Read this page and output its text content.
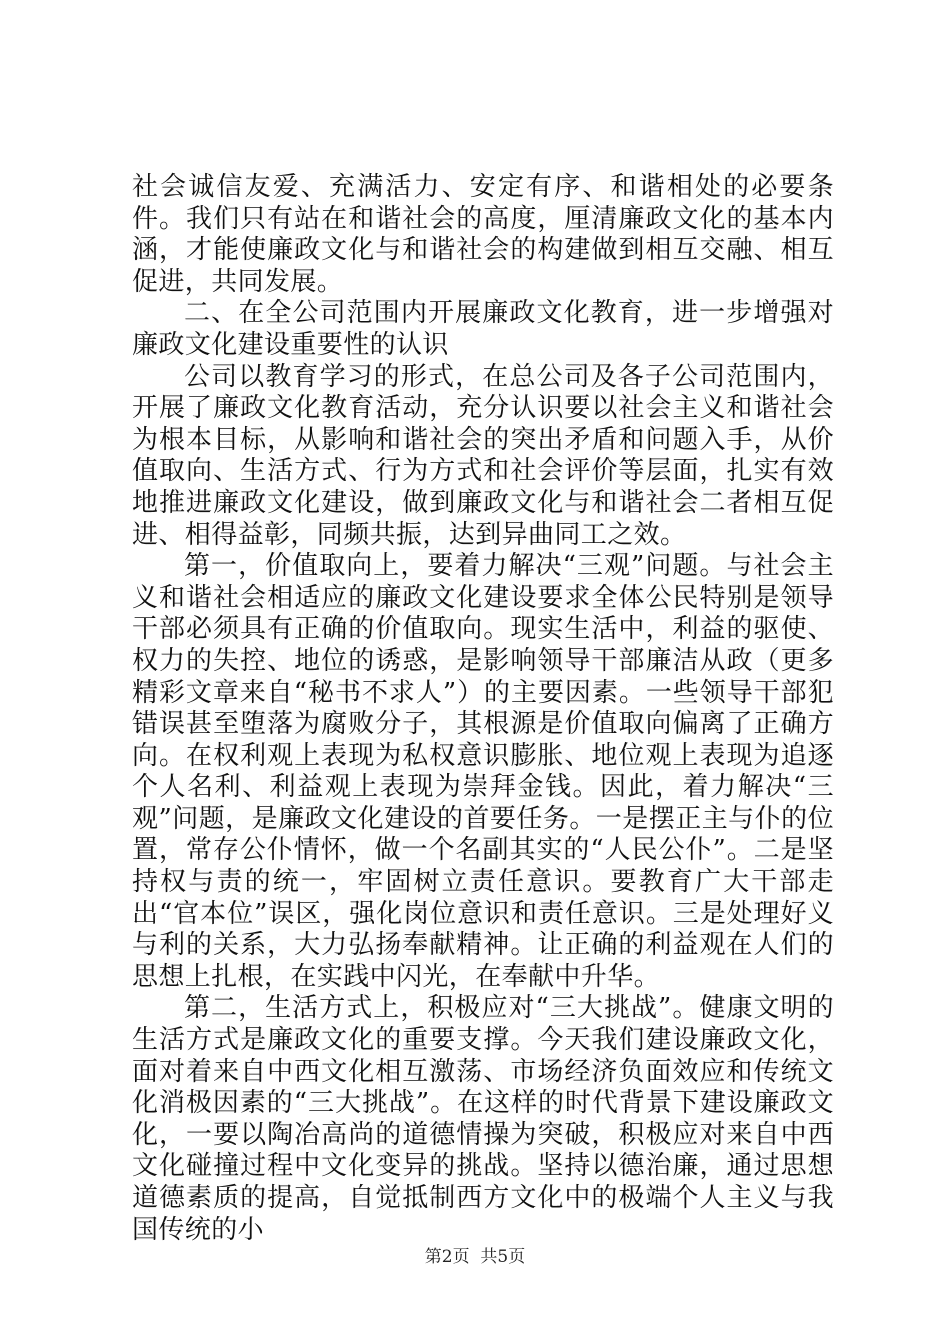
社会诚信友爱、充满活力、安定有序、和谐相处的必要条件。我们只有站在和谐社会的高度，厘清廉政文化的基本内涵，才能使廉政文化与和谐社会的构建做到相互交融、相互促进，共同发展。

二、在全公司范围内开展廉政文化教育，进一步增强对廉政文化建设重要性的认识

公司以教育学习的形式，在总公司及各子公司范围内，开展了廉政文化教育活动，充分认识要以社会主义和谐社会为根本目标，从影响和谐社会的突出矛盾和问题入手，从价值取向、生活方式、行为方式和社会评价等层面，扎实有效地推进廉政文化建设，做到廉政文化与和谐社会二者相互促进、相得益彰，同频共振，达到异曲同工之效。

第一，价值取向上，要着力解决“三观”问题。与社会主义和谐社会相适应的廉政文化建设要求全体公民特别是领导干部必须具有正确的价值取向。现实生活中，利益的驱使、权力的失控、地位的诱惑，是影响领导干部廉洁从政（更多精彩文章来自“秘书不求人”）的主要因素。一些领导干部犯错误甚至堕落为腐败分子，其根源是价值取向偏离了正确方向。在权利观上表现为私权意识膨胀、地位观上表现为追逐个人名利、利益观上表现为崇拜金钱。因此，着力解决“三观”问题，是廉政文化建设的首要任务。一是摆正主与仆的位置，常存公仆情怀，做一个名副其实的“人民公仆”。二是坚持权与责的统一，牢固树立责任意识。要教育广大干部走出“官本位”误区，强化岗位意识和责任意识。三是处理好义与利的关系，大力弘扬奉献精神。让正确的利益观在人们的思想上扎根，在实践中闪光，在奉献中升华。

第二，生活方式上，积极应对“三大挑战”。健康文明的生活方式是廉政文化的重要支撑。今天我们建设廉政文化，面对着来自中西文化相互激荡、市场经济负面效应和传统文化消极因素的“三大挑战”。在这样的时代背景下建设廉政文化，一要以陶冶高尚的道德情操为突破，积极应对来自中西文化碰撞过程中文化变异的挑战。坚持以德治廉，通过思想道德素质的提高，自觉抵制西方文化中的极端个人主义与我国传统的小

第2页  共5页
